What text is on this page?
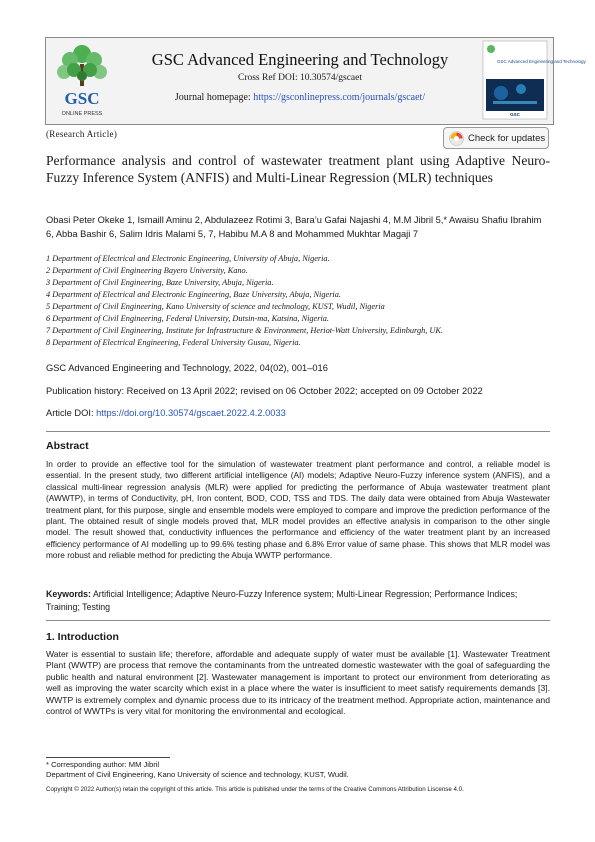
GSC
ONLINE PRESS
GSC Advanced Engineering and Technology
Cross Ref DOI: 10.30574/gscaet
Journal homepage: https://gsconlinepress.com/journals/gscaet/
GSC Advanced Engineering and Technology
GSC
(Research Article)	Check for updates
Performance analysis and control of wastewater treatment plant using Adaptive Neuro-Fuzzy Inference System (ANFIS) and Multi-Linear Regression (MLR) techniques
Obasi Peter Okeke 1, Ismaill Aminu 2, Abdulazeez Rotimi 3, Bara’u Gafai Najashi 4, M.M Jibril 5,* Awaisu Shafiu Ibrahim 6, Abba Bashir 6, Salim Idris Malami 5, 7, Habibu M.A 8 and Mohammed Mukhtar Magaji 7
1 Department of Electrical and Electronic Engineering, University of Abuja, Nigeria.
2 Department of Civil Engineering Bayero University, Kano.
3 Department of Civil Engineering, Baze University, Abuja, Nigeria.
4 Department of Electrical and Electronic Engineering, Baze University, Abuja, Nigeria.
5 Department of Civil Engineering, Kano University of science and technology, KUST, Wudil, Nigeria
6 Department of Civil Engineering, Federal University, Dutsin-ma, Katsina, Nigeria.
7 Department of Civil Engineering, Institute for Infrastructure & Environment, Heriot-Watt University, Edinburgh, UK.
8 Department of Electrical Engineering, Federal University Gusau, Nigeria.
GSC Advanced Engineering and Technology, 2022, 04(02), 001–016
Publication history: Received on 13 April 2022; revised on 06 October 2022; accepted on 09 October 2022
Article DOI: https://doi.org/10.30574/gscaet.2022.4.2.0033
Abstract
In order to provide an effective tool for the simulation of wastewater treatment plant performance and control, a reliable model is essential. In the present study, two different artificial intelligence (AI) models; Adaptive Neuro-Fuzzy inference system (ANFIS), and a classical multi-linear regression analysis (MLR) were applied for predicting the performance of Abuja wastewater treatment plant (AWWTP), in terms of Conductivity, pH, Iron content, BOD, COD, TSS and TDS. The daily data were obtained from Abuja Wastewater treatment plant, for this purpose, single and ensemble models were employed to compare and improve the prediction performance of the plant. The obtained result of single models proved that, MLR model provides an effective analysis in comparison to the other single model. The result showed that, conductivity influences the performance and efficiency of the water treatment plant by an increased efficiency performance of AI modelling up to 99.6% testing phase and 6.8% Error value of same phase. This shows that MLR model was more robust and reliable method for predicting the Abuja WWTP performance.
Keywords: Artificial Intelligence; Adaptive Neuro-Fuzzy Inference system; Multi-Linear Regression; Performance Indices; Training; Testing
1. Introduction
Water is essential to sustain life; therefore, affordable and adequate supply of water must be available [1]. Wastewater Treatment Plant (WWTP) are process that remove the contaminants from the untreated domestic wastewater with the goal of safeguarding the public health and natural environment [2]. Wastewater management is important to protect our environment from deteriorating as well as improving the water scarcity which exist in a place where the water is insufficient to meet satisfy requirements demands [3]. WWTP is extremely complex and dynamic process due to its intricacy of the treatment method. Appropriate action, maintenance and control of WWTPs is very vital for monitoring the environmental and ecological.
* Corresponding author: MM Jibril
Department of Civil Engineering, Kano University of science and technology, KUST, Wudil.
Copyright © 2022 Author(s) retain the copyright of this article. This article is published under the terms of the Creative Commons Attribution Liscense 4.0.
